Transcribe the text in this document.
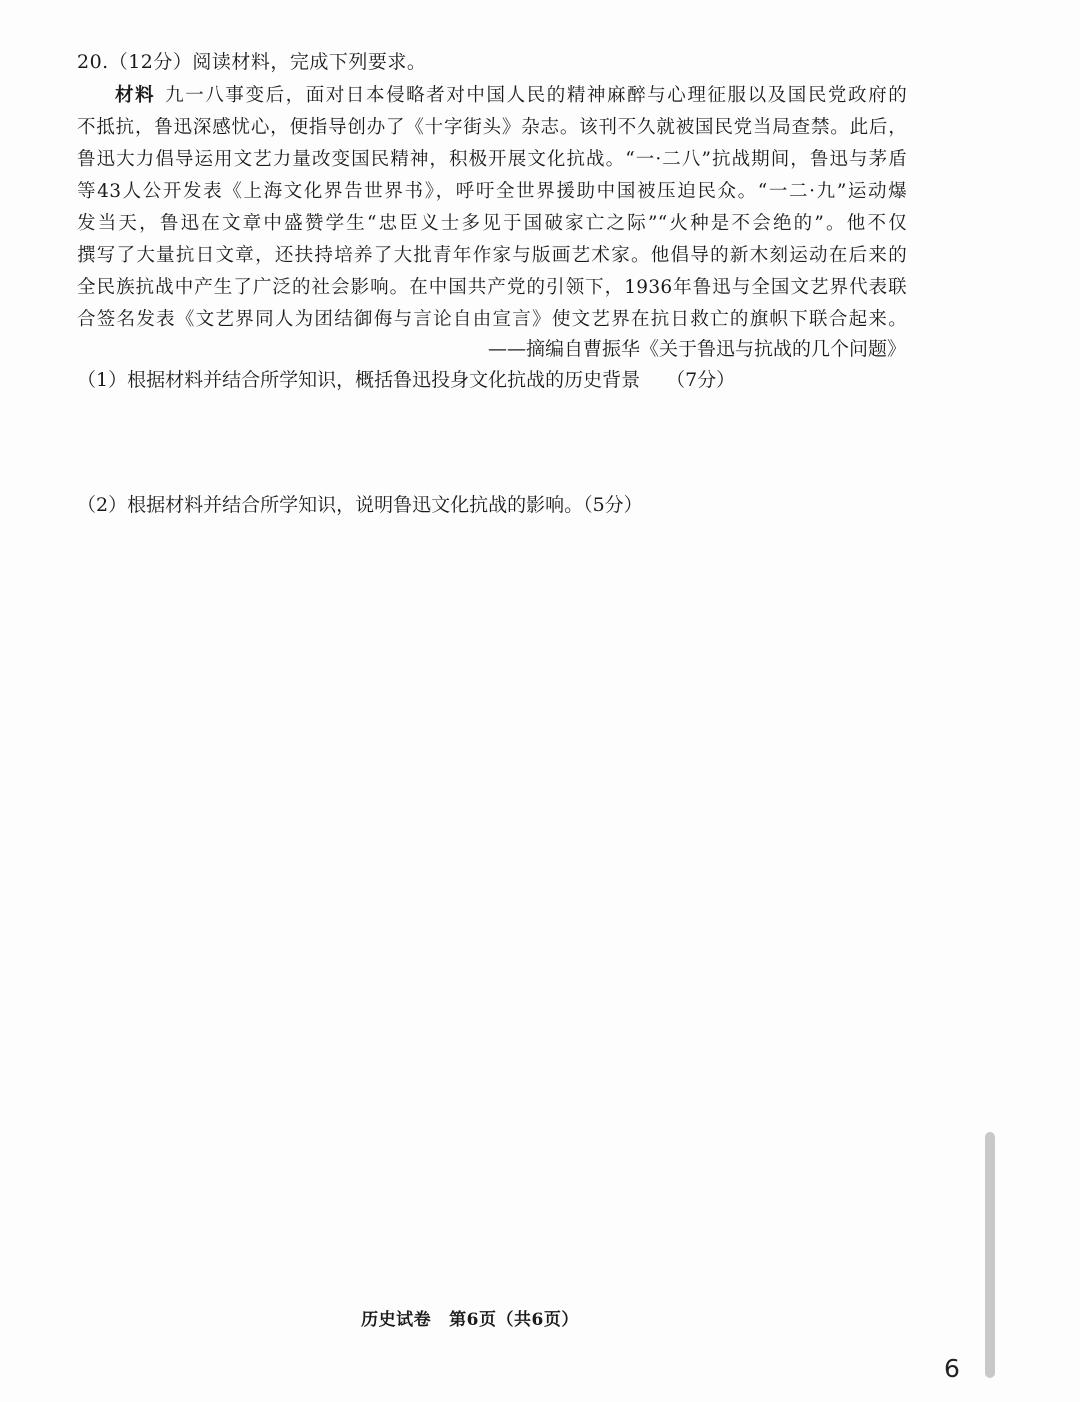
20.（12分）阅读材料，完成下列要求。
材料 九一八事变后，面对日本侵略者对中国人民的精神麻醉与心理征服以及国民党政府的
不抵抗，鲁迅深感忧心，便指导创办了《十字街头》杂志。该刊不久就被国民党当局查禁。此后，
鲁迅大力倡导运用文艺力量改变国民精神，积极开展文化抗战。“一·二八”抗战期间，鲁迅与茅盾
等43人公开发表《上海文化界告世界书》，呼吁全世界援助中国被压迫民众。“一二·九”运动爆
发当天，鲁迅在文章中盛赞学生“忠臣义士多见于国破家亡之际”“火种是不会绝的”。他不仅
撰写了大量抗日文章，还扶持培养了大批青年作家与版画艺术家。他倡导的新木刻运动在后来的
全民族抗战中产生了广泛的社会影响。在中国共产党的引领下，1936年鲁迅与全国文艺界代表联
合签名发表《文艺界同人为团结御侮与言论自由宣言》使文艺界在抗日救亡的旗帜下联合起来。
——摘编自曹振华《关于鲁迅与抗战的几个问题》
（1）根据材料并结合所学知识，概括鲁迅投身文化抗战的历史背景 （7分）
（2）根据材料并结合所学知识，说明鲁迅文化抗战的影响。（5分）
历史试卷 第6页（共6页）
6
